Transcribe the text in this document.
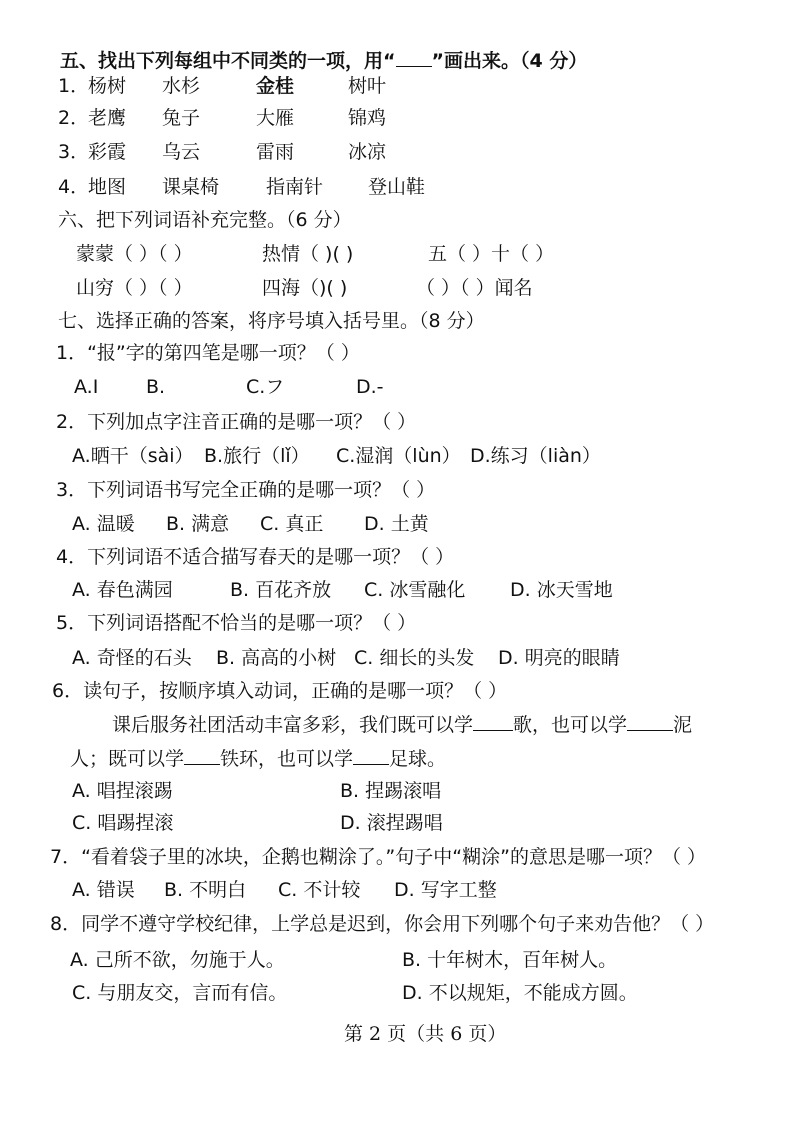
五、找出下列每组中不同类的一项，用“ ”画出来。（4 分）
1．
杨树 水杉	金桂	树叶
2．
老鹰 兔子	大雁	锦鸡
3．
彩霞 乌云	雷雨	冰凉
4．
地图 课桌椅 指南针 登山鞋
六、把下列词语补充完整。（6 分）
蒙蒙（ ）（ ）	热情（ )( )	五（ ）十（ ）
山穷（ ）（ ）	四海（)( )	（ ）（ ）闻名
七、选择正确的答案，将序号填入括号里。（8 分）
1．“报”字的第四笔是哪一项？（ ）
A.I	B.	C.フ	D.-
2．下列加点字注音正确的是哪一项？（ ）
A.晒干（sài） B.旅行（lǐ） C.湿润（lùn） D.练习（liàn）
3．下列词语书写完全正确的是哪一项？（ ）
A. 温暖 B. 满意 C. 真正 D. 土黄
4．下列词语不适合描写春天的是哪一项？（ ）
A. 春色满园	B. 百花齐放 C. 冰雪融化 D. 冰天雪地
5．下列词语搭配不恰当的是哪一项？（ ）
A. 奇怪的石头 B. 高高的小树 C. 细长的头发 D. 明亮的眼睛
6．读句子，按顺序填入动词，正确的是哪一项？（ ）
课后服务社团活动丰富多彩，我们既可以学 歌，也可以学 泥
人；既可以学 铁环，也可以学 足球。
A. 唱捏滚踢	B. 捏踢滚唱
C. 唱踢捏滚	D. 滚捏踢唱
7．“看着袋子里的冰块，企鹅也糊涂了。”句子中“糊涂”的意思是哪一项？（ ）
A. 错误 B. 不明白 C. 不计较 D. 写字工整
8．同学不遵守学校纪律，上学总是迟到，你会用下列哪个句子来劝告他？（ ）
A. 己所不欲，勿施于人。	B. 十年树木，百年树人。
C. 与朋友交，言而有信。	D. 不以规矩，不能成方圆。
第 2 页（共 6 页）
